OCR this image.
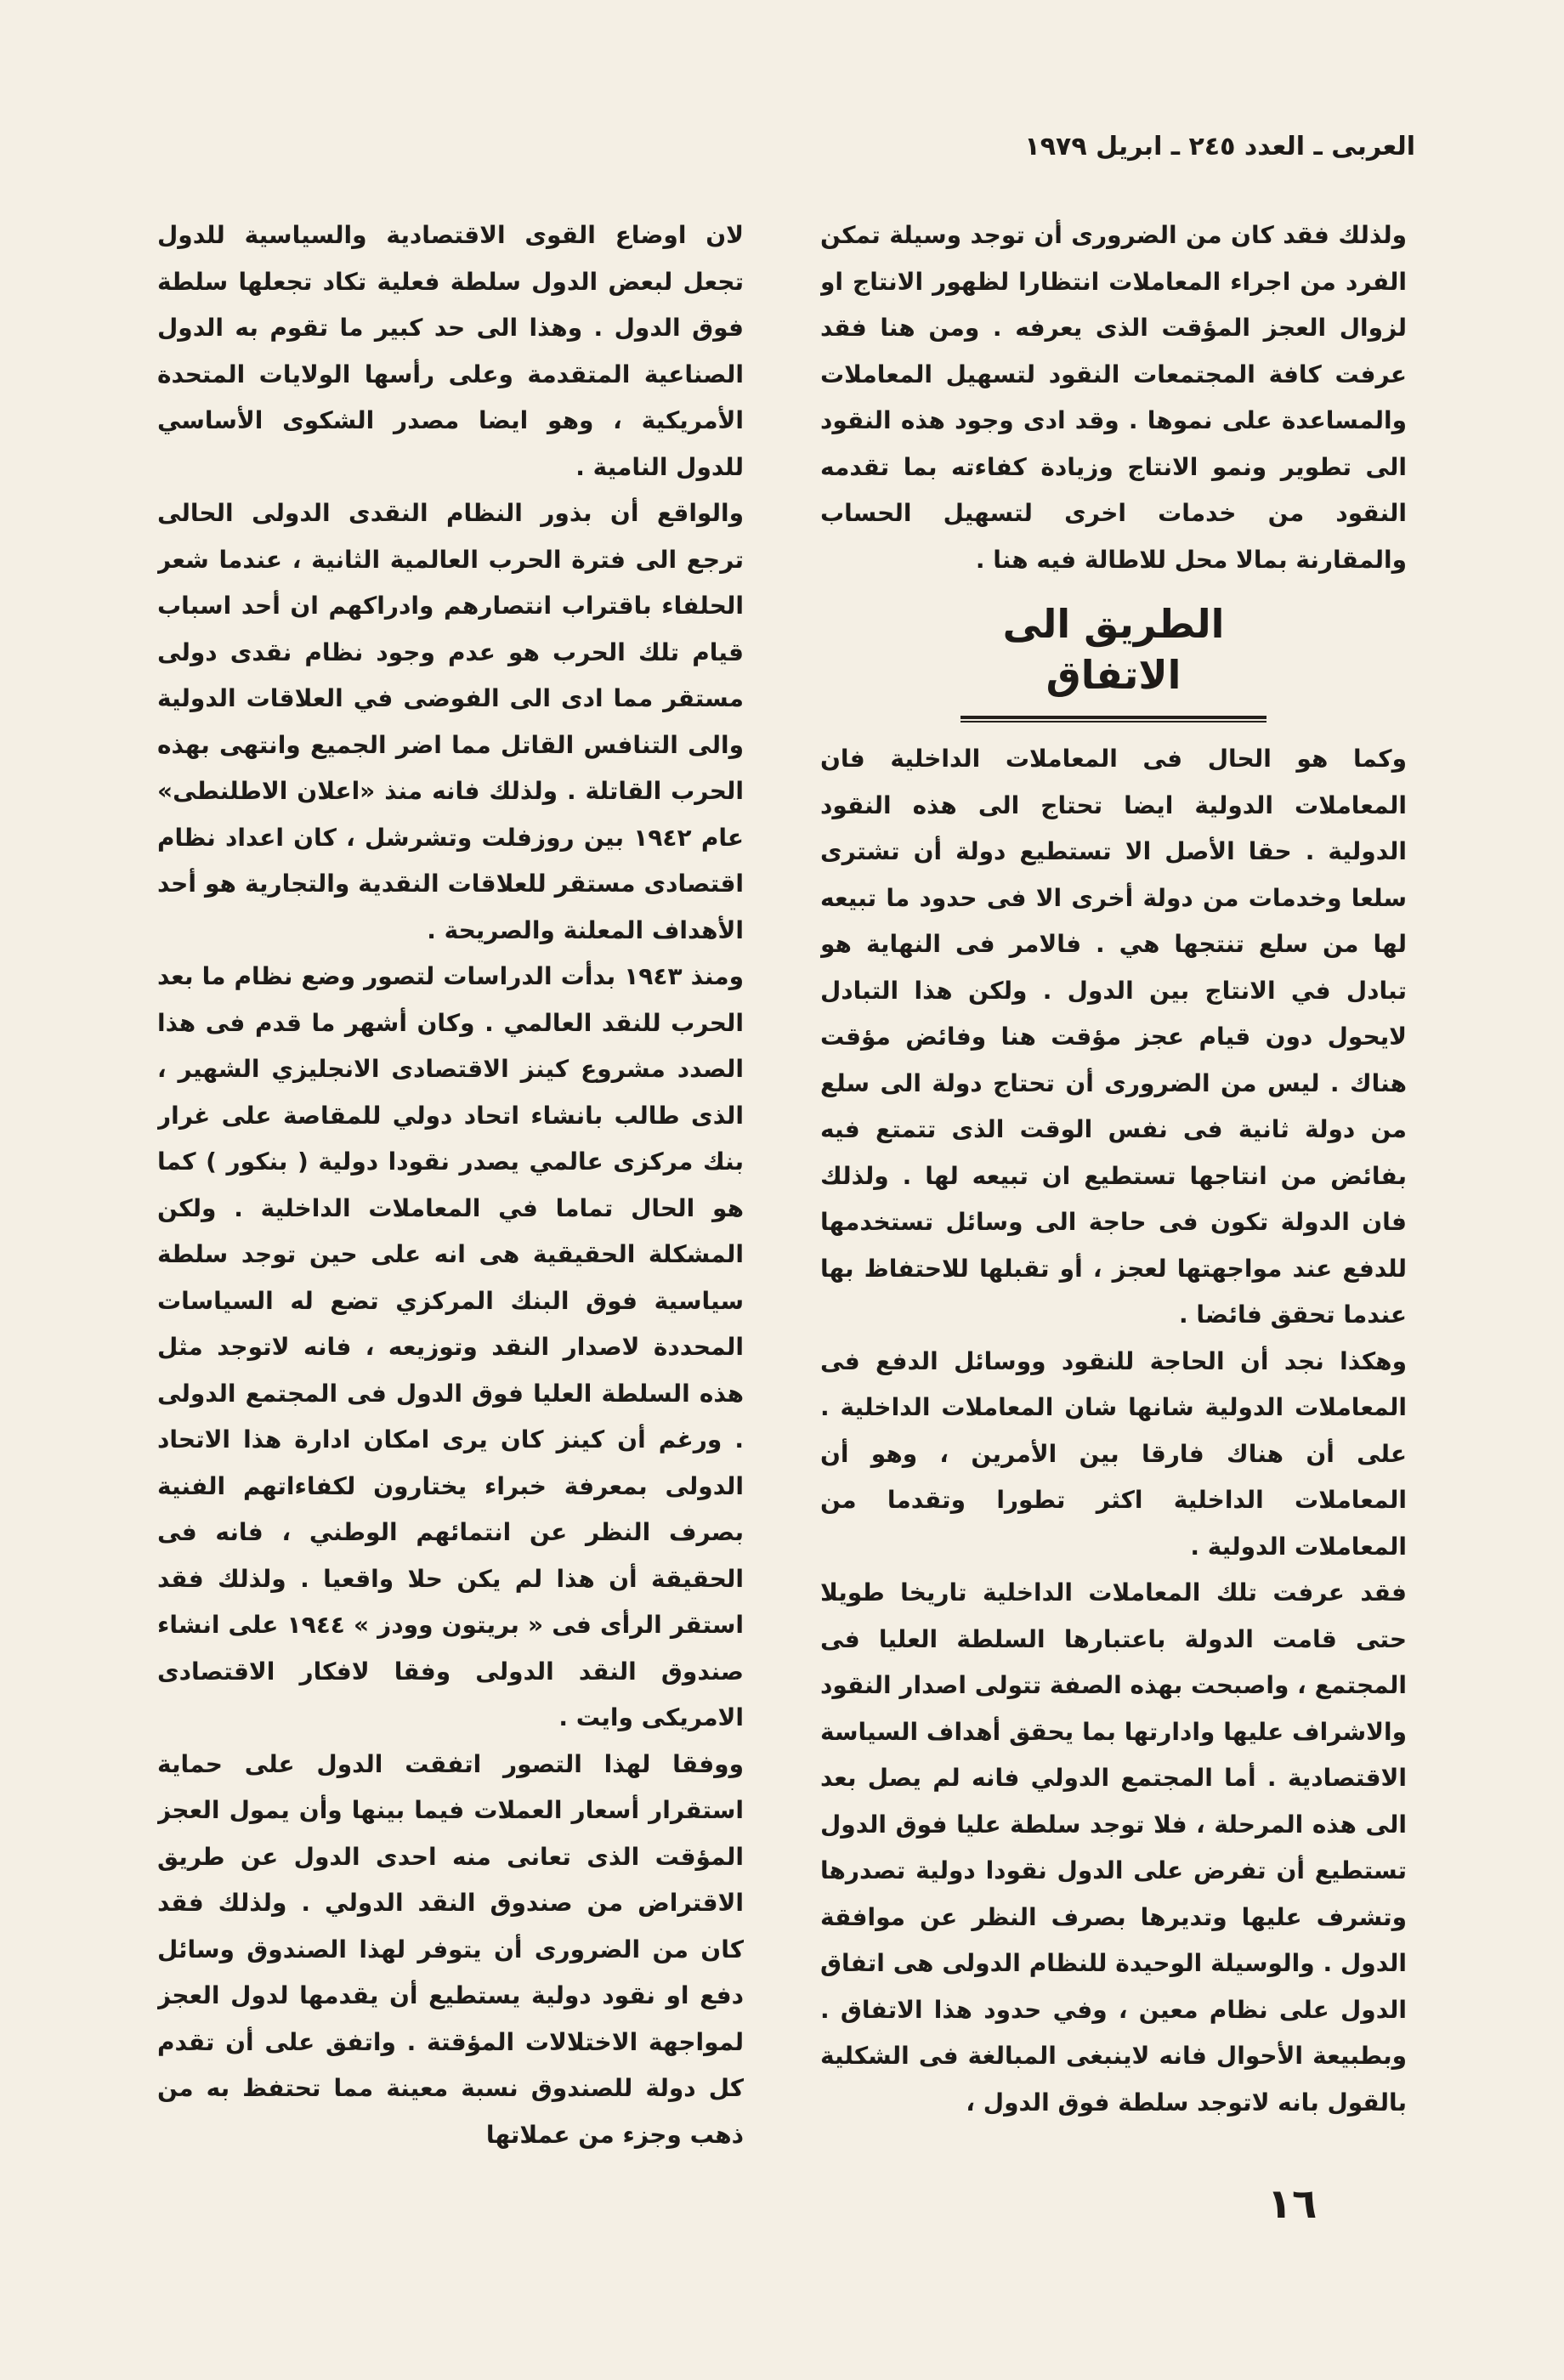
العربى ـ العدد ٢٤٥ ـ ابريل ١٩٧٩

ولذلك فقد كان من الضرورى أن توجد وسيلة تمكن الفرد من اجراء المعاملات انتظارا لظهور الانتاج او لزوال العجز المؤقت الذى يعرفه . ومن هنا فقد عرفت كافة المجتمعات النقود لتسهيل المعاملات والمساعدة على نموها . وقد ادى وجود هذه النقود الى تطوير ونمو الانتاج وزيادة كفاءته بما تقدمه النقود من خدمات اخرى لتسهيل الحساب والمقارنة بمالا محل للاطالة فيه هنا .

الطريق الى الاتفاق

وكما هو الحال فى المعاملات الداخلية فان المعاملات الدولية ايضا تحتاج الى هذه النقود الدولية . حقا الأصل الا تستطيع دولة أن تشترى سلعا وخدمات من دولة أخرى الا فى حدود ما تبيعه لها من سلع تنتجها هي . فالامر فى النهاية هو تبادل في الانتاج بين الدول . ولكن هذا التبادل لايحول دون قيام عجز مؤقت هنا وفائض مؤقت هناك . ليس من الضرورى أن تحتاج دولة الى سلع من دولة ثانية فى نفس الوقت الذى تتمتع فيه بفائض من انتاجها تستطيع ان تبيعه لها . ولذلك فان الدولة تكون فى حاجة الى وسائل تستخدمها للدفع عند مواجهتها لعجز ، أو تقبلها للاحتفاظ بها عندما تحقق فائضا .

وهكذا نجد أن الحاجة للنقود ووسائل الدفع فى المعاملات الدولية شانها شان المعاملات الداخلية . على أن هناك فارقا بين الأمرين ، وهو أن المعاملات الداخلية اكثر تطورا وتقدما من المعاملات الدولية .

فقد عرفت تلك المعاملات الداخلية تاريخا طويلا حتى قامت الدولة باعتبارها السلطة العليا فى المجتمع ، واصبحت بهذه الصفة تتولى اصدار النقود والاشراف عليها وادارتها بما يحقق أهداف السياسة الاقتصادية . أما المجتمع الدولي فانه لم يصل بعد الى هذه المرحلة ، فلا توجد سلطة عليا فوق الدول تستطيع أن تفرض على الدول نقودا دولية تصدرها وتشرف عليها وتديرها بصرف النظر عن موافقة الدول . والوسيلة الوحيدة للنظام الدولى هى اتفاق الدول على نظام معين ، وفي حدود هذا الاتفاق . وبطبيعة الأحوال فانه لاينبغى المبالغة فى الشكلية بالقول بانه لاتوجد سلطة فوق الدول ،

لان اوضاع القوى الاقتصادية والسياسية للدول تجعل لبعض الدول سلطة فعلية تكاد تجعلها سلطة فوق الدول . وهذا الى حد كبير ما تقوم به الدول الصناعية المتقدمة وعلى رأسها الولايات المتحدة الأمريكية ، وهو ايضا مصدر الشكوى الأساسي للدول النامية .

والواقع أن بذور النظام النقدى الدولى الحالى ترجع الى فترة الحرب العالمية الثانية ، عندما شعر الحلفاء باقتراب انتصارهم وادراكهم ان أحد اسباب قيام تلك الحرب هو عدم وجود نظام نقدى دولى مستقر مما ادى الى الفوضى في العلاقات الدولية والى التنافس القاتل مما اضر الجميع وانتهى بهذه الحرب القاتلة . ولذلك فانه منذ «اعلان الاطلنطى» عام ١٩٤٢ بين روزفلت وتشرشل ، كان اعداد نظام اقتصادى مستقر للعلاقات النقدية والتجارية هو أحد الأهداف المعلنة والصريحة .

ومنذ ١٩٤٣ بدأت الدراسات لتصور وضع نظام ما بعد الحرب للنقد العالمي . وكان أشهر ما قدم فى هذا الصدد مشروع كينز الاقتصادى الانجليزي الشهير ، الذى طالب بانشاء اتحاد دولي للمقاصة على غرار بنك مركزى عالمي يصدر نقودا دولية ( بنكور ) كما هو الحال تماما في المعاملات الداخلية . ولكن المشكلة الحقيقية هى انه على حين توجد سلطة سياسية فوق البنك المركزي تضع له السياسات المحددة لاصدار النقد وتوزيعه ، فانه لاتوجد مثل هذه السلطة العليا فوق الدول فى المجتمع الدولى . ورغم أن كينز كان يرى امكان ادارة هذا الاتحاد الدولى بمعرفة خبراء يختارون لكفاءاتهم الفنية بصرف النظر عن انتمائهم الوطني ، فانه فى الحقيقة أن هذا لم يكن حلا واقعيا . ولذلك فقد استقر الرأى فى « بريتون وودز » ١٩٤٤ على انشاء صندوق النقد الدولى وفقا لافكار الاقتصادى الامريكى وايت .

ووفقا لهذا التصور اتفقت الدول على حماية استقرار أسعار العملات فيما بينها وأن يمول العجز المؤقت الذى تعانى منه احدى الدول عن طريق الاقتراض من صندوق النقد الدولي . ولذلك فقد كان من الضرورى أن يتوفر لهذا الصندوق وسائل دفع او نقود دولية يستطيع أن يقدمها لدول العجز لمواجهة الاختلالات المؤقتة . واتفق على أن تقدم كل دولة للصندوق نسبة معينة مما تحتفظ به من ذهب وجزء من عملاتها

١٦
